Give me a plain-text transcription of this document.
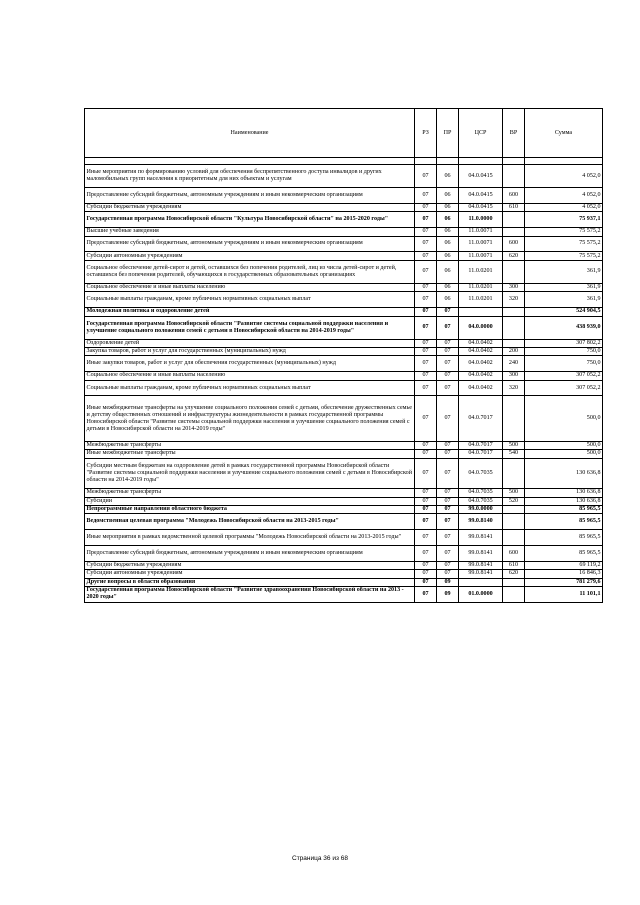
Наименование	РЗ	ПР	ЦСР	ВР	Сумма

Иные мероприятия по формированию условий для обеспечения беспрепятственного доступа инвалидов и других маломобильных групп населения к приоритетным для них объектам и услугам	07	06	04.0.0415		4 052,0
Предоставление субсидий бюджетным, автономным учреждениям и иным некоммерческим организациям	07	06	04.0.0415	600	4 052,0
Субсидии бюджетным учреждениям	07	06	04.0.0415	610	4 052,0
Государственная программа Новосибирской области "Культура Новосибирской области" на 2015-2020 годы"	07	06	11.0.0000		75 937,1
Высшие учебные заведения	07	06	11.0.0071		75 575,2
Предоставление субсидий бюджетным, автономным учреждениям и иным некоммерческим организациям	07	06	11.0.0071	600	75 575,2
Субсидии автономным учреждениям	07	06	11.0.0071	620	75 575,2
Социальное обеспечение детей-сирот и детей, оставшихся без попечения родителей, лиц из числа детей-сирот и детей, оставшихся без попечения родителей, обучающихся в государственных образовательных организациях	07	06	11.0.0201		361,9
Социальное обеспечение и иные выплаты населению	07	06	11.0.0201	300	361,9
Социальные выплаты гражданам, кроме публичных нормативных социальных выплат	07	06	11.0.0201	320	361,9
Молодежная политика и оздоровление детей	07	07			524 904,5
Государственная программа Новосибирской области "Развитие системы социальной поддержки населения и улучшение социального положения семей с детьми в Новосибирской области на 2014-2019 годы"	07	07	04.0.0000		438 939,0
Оздоровление детей	07	07	04.0.0402		307 802,2
Закупка товаров, работ и услуг для государственных (муниципальных) нужд	07	07	04.0.0402	200	750,0
Иные закупки товаров, работ и услуг для обеспечения государственных (муниципальных) нужд	07	07	04.0.0402	240	750,0
Социальное обеспечение и иные выплаты населению	07	07	04.0.0402	300	307 052,2
Социальные выплаты гражданам, кроме публичных нормативных социальных выплат	07	07	04.0.0402	320	307 052,2
Иные межбюджетные трансферты на улучшение социального положения семей с детьми, обеспечение дружественных семье и детству общественных отношений и инфраструктуры жизнедеятельности в рамках государственной программы Новосибирской области "Развитие системы социальной поддержки населения и улучшение социального положения семей с детьми в Новосибирской области на 2014-2019 годы"	07	07	04.0.7017		500,0
Межбюджетные трансферты	07	07	04.0.7017	500	500,0
Иные межбюджетные трансферты	07	07	04.0.7017	540	500,0
Субсидии местным бюджетам на оздоровление детей в рамках государственной программы Новосибирской области "Развитие системы социальной поддержки населения и улучшение социального положения семей с детьми в Новосибирской области на 2014-2019 годы"	07	07	04.0.7035		130 636,8
Межбюджетные трансферты	07	07	04.0.7035	500	130 636,8
Субсидии	07	07	04.0.7035	520	130 636,8
Непрограммные направления областного бюджета	07	07	99.0.0000		85 965,5
Ведомственная целевая программа "Молодежь Новосибирской области на 2013-2015 годы"	07	07	99.0.8140		85 965,5
Иные мероприятия в рамках ведомственной целевой программы "Молодежь Новосибирской области на 2013-2015 годы"	07	07	99.0.8141		85 965,5
Предоставление субсидий бюджетным, автономным учреждениям и иным некоммерческим организациям	07	07	99.0.8141	600	85 965,5
Субсидии бюджетным учреждениям	07	07	99.0.8141	610	69 119,2
Субсидии автономным учреждениям	07	07	99.0.8141	620	16 846,3
Другие вопросы в области образования	07	09			781 279,6
Государственная программа Новосибирской области "Развитие здравоохранения Новосибирской области на 2013 - 2020 годы"	07	09	01.0.0000		11 101,1
Страница 36 из 68
